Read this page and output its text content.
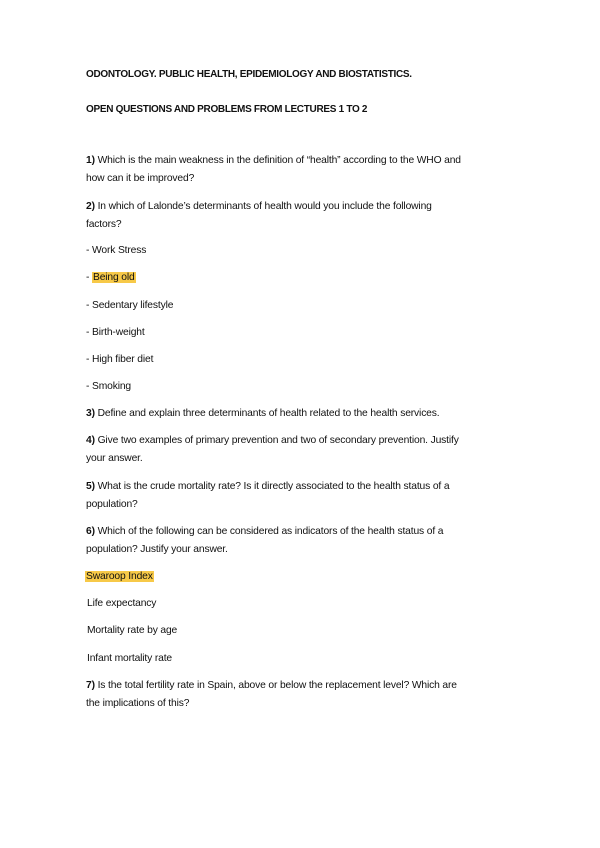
ODONTOLOGY. PUBLIC HEALTH, EPIDEMIOLOGY AND BIOSTATISTICS.
OPEN QUESTIONS AND PROBLEMS FROM LECTURES 1 TO 2
1) Which is the main weakness in the definition of “health” according to the WHO and
how can it be improved?
2) In which of Lalonde’s determinants of health would you include the following
factors?
- Work Stress
- Being old
- Sedentary lifestyle
- Birth-weight
- High fiber diet
- Smoking
3) Define and explain three determinants of health related to the health services.
4) Give two examples of primary prevention and two of secondary prevention. Justify
your answer.
5) What is the crude mortality rate? Is it directly associated to the health status of a
population?
6) Which of the following can be considered as indicators of the health status of a
population? Justify your answer.
Swaroop Index
Life expectancy
Mortality rate by age
Infant mortality rate
7) Is the total fertility rate in Spain, above or below the replacement level? Which are
the implications of this?
